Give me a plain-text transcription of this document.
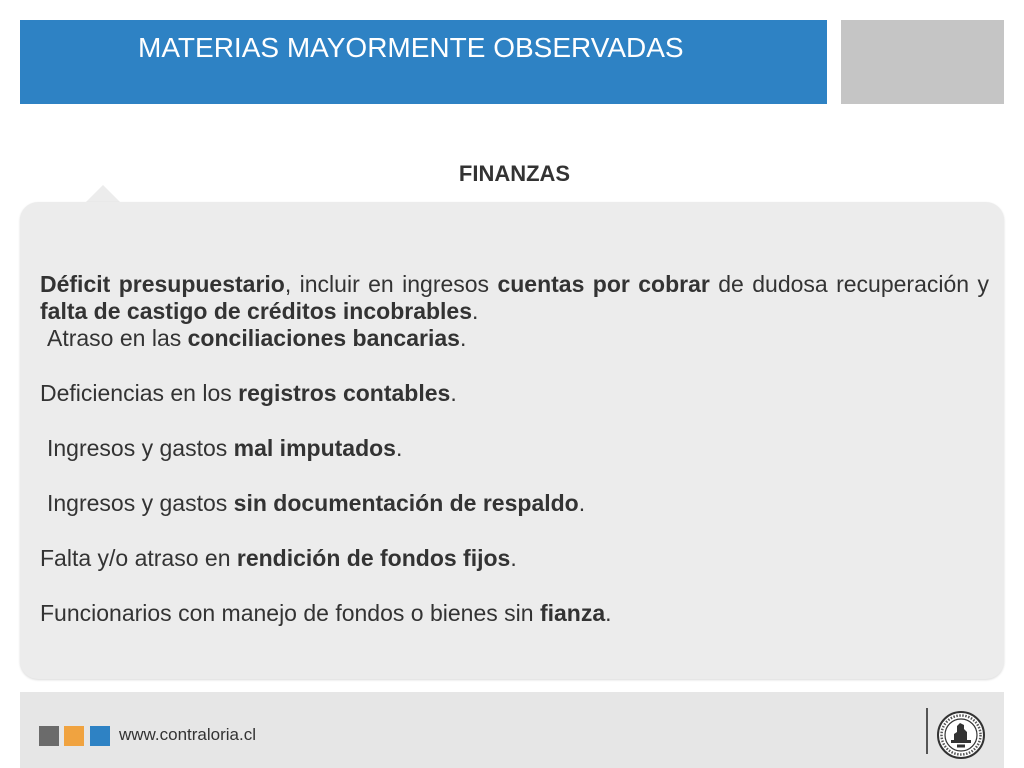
MATERIAS MAYORMENTE OBSERVADAS
FINANZAS
Déficit presupuestario, incluir en ingresos cuentas por cobrar de dudosa recuperación y falta de castigo de créditos incobrables.
Atraso en las conciliaciones bancarias.
Deficiencias en los registros contables.
Ingresos y gastos mal imputados.
Ingresos y gastos sin documentación de respaldo.
Falta y/o atraso en rendición de fondos fijos.
Funcionarios con manejo de fondos o bienes sin fianza.
www.contraloria.cl
